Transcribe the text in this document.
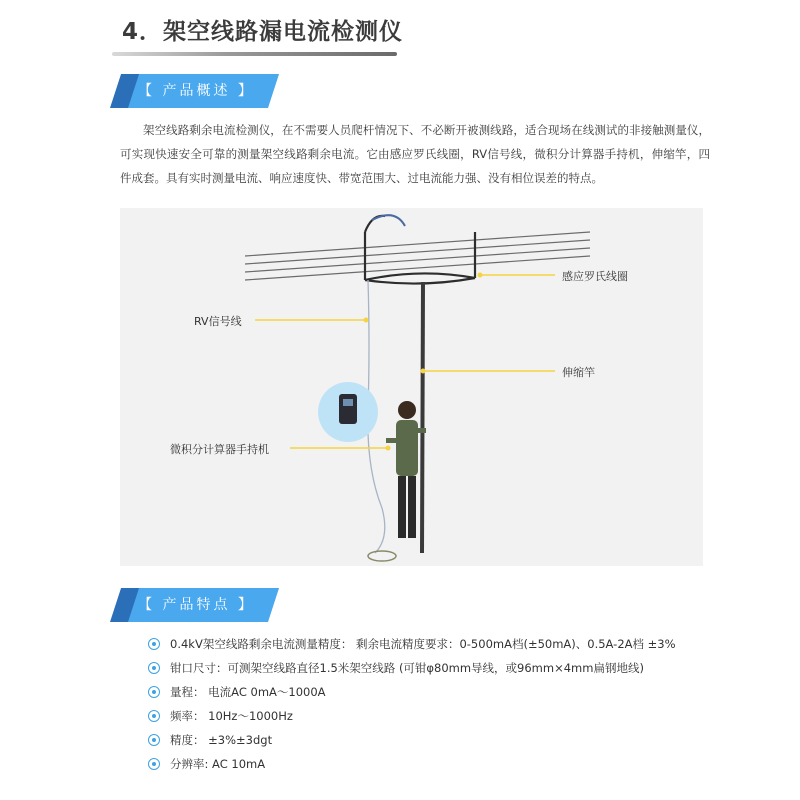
4．架空线路漏电流检测仪
【 产品概述 】
架空线路剩余电流检测仪，在不需要人员爬杆情况下、不必断开被测线路，适合现场在线测试的非接触测量仪，可实现快速安全可靠的测量架空线路剩余电流。它由感应罗氏线圈，RV信号线，微积分计算器手持机，伸缩竿，四件成套。具有实时测量电流、响应速度快、带宽范围大、过电流能力强、没有相位误差的特点。
感应罗氏线圈
RV信号线
伸缩竿
微积分计算器手持机
【 产品特点 】
0.4kV架空线路剩余电流测量精度： 剩余电流精度要求：0-500mA档(±50mA)、0.5A-2A档 ±3%
钳口尺寸：可测架空线路直径1.5米架空线路 (可钳φ80mm导线，或96mm×4mm扁钢地线)
量程： 电流AC 0mA～1000A
频率： 10Hz～1000Hz
精度： ±3%±3dgt
分辨率: AC 10mA
